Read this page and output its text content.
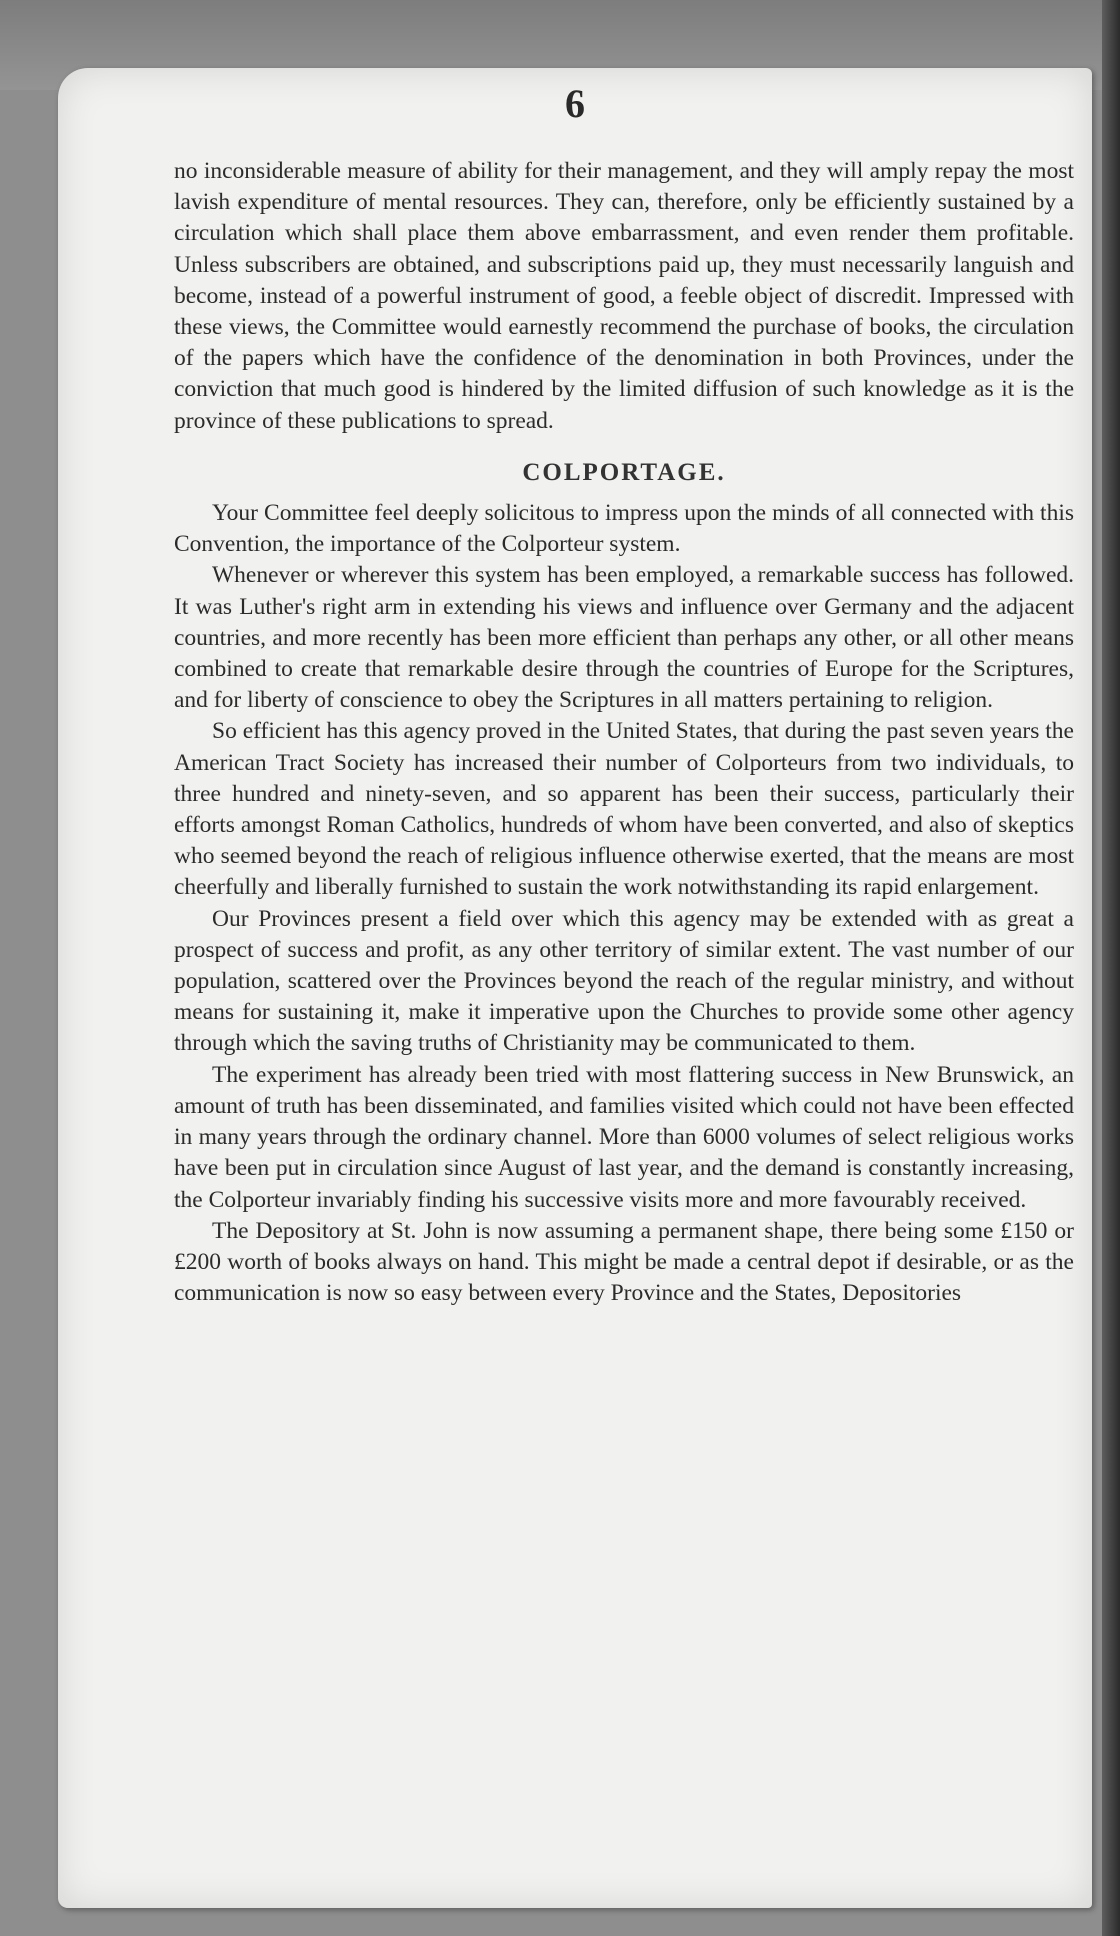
6

no inconsiderable measure of ability for their management, and they will amply repay the most lavish expenditure of mental resources. They can, therefore, only be efficiently sustained by a circulation which shall place them above embarrassment, and even render them profitable. Unless subscribers are obtained, and subscriptions paid up, they must necessarily languish and become, instead of a powerful instrument of good, a feeble object of discredit. Impressed with these views, the Committee would earnestly recommend the purchase of books, the circulation of the papers which have the confidence of the denomination in both Provinces, under the conviction that much good is hindered by the limited diffusion of such knowledge as it is the province of these publications to spread.

COLPORTAGE.

Your Committee feel deeply solicitous to impress upon the minds of all connected with this Convention, the importance of the Colporteur system.

Whenever or wherever this system has been employed, a remarkable success has followed. It was Luther's right arm in extending his views and influence over Germany and the adjacent countries, and more recently has been more efficient than perhaps any other, or all other means combined to create that remarkable desire through the countries of Europe for the Scriptures, and for liberty of conscience to obey the Scriptures in all matters pertaining to religion.

So efficient has this agency proved in the United States, that during the past seven years the American Tract Society has increased their number of Colporteurs from two individuals, to three hundred and ninety-seven, and so apparent has been their success, particularly their efforts amongst Roman Catholics, hundreds of whom have been converted, and also of skeptics who seemed beyond the reach of religious influence otherwise exerted, that the means are most cheerfully and liberally furnished to sustain the work notwithstanding its rapid enlargement.

Our Provinces present a field over which this agency may be extended with as great a prospect of success and profit, as any other territory of similar extent. The vast number of our population, scattered over the Provinces beyond the reach of the regular ministry, and without means for sustaining it, make it imperative upon the Churches to provide some other agency through which the saving truths of Christianity may be communicated to them.

The experiment has already been tried with most flattering success in New Brunswick, an amount of truth has been disseminated, and families visited which could not have been effected in many years through the ordinary channel. More than 6000 volumes of select religious works have been put in circulation since August of last year, and the demand is constantly increasing, the Colporteur invariably finding his successive visits more and more favourably received.

The Depository at St. John is now assuming a permanent shape, there being some £150 or £200 worth of books always on hand. This might be made a central depot if desirable, or as the communication is now so easy between every Province and the States, Depositories
